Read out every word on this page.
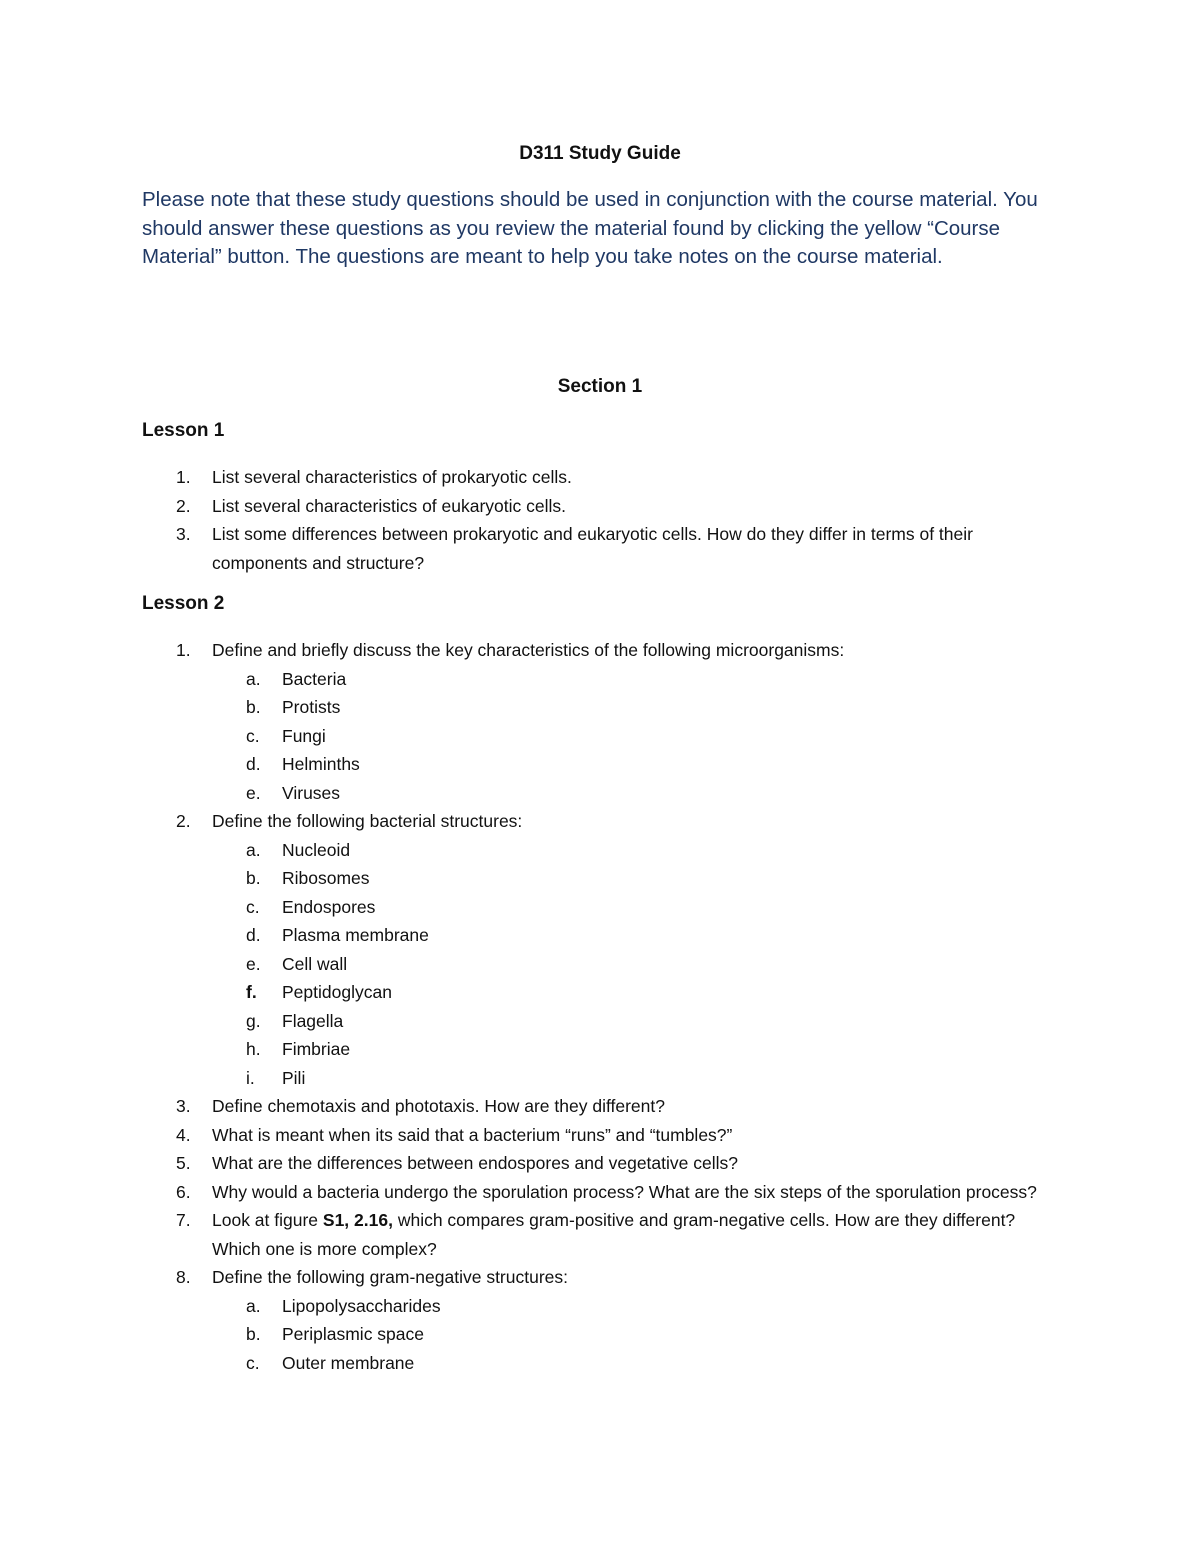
D311 Study Guide

Please note that these study questions should be used in conjunction with the course material. You should answer these questions as you review the material found by clicking the yellow “Course Material” button. The questions are meant to help you take notes on the course material.

Section 1
Lesson 1
1. List several characteristics of prokaryotic cells.
2. List several characteristics of eukaryotic cells.
3. List some differences between prokaryotic and eukaryotic cells. How do they differ in terms of their components and structure?
Lesson 2
1. Define and briefly discuss the key characteristics of the following microorganisms:
a. Bacteria
b. Protists
c. Fungi
d. Helminths
e. Viruses
2. Define the following bacterial structures:
a. Nucleoid
b. Ribosomes
c. Endospores
d. Plasma membrane
e. Cell wall
f. Peptidoglycan
g. Flagella
h. Fimbriae
i. Pili
3. Define chemotaxis and phototaxis. How are they different?
4. What is meant when its said that a bacterium “runs” and “tumbles?”
5. What are the differences between endospores and vegetative cells?
6. Why would a bacteria undergo the sporulation process? What are the six steps of the sporulation process?
7. Look at figure S1, 2.16, which compares gram-positive and gram-negative cells. How are they different? Which one is more complex?
8. Define the following gram-negative structures:
a. Lipopolysaccharides
b. Periplasmic space
c. Outer membrane
